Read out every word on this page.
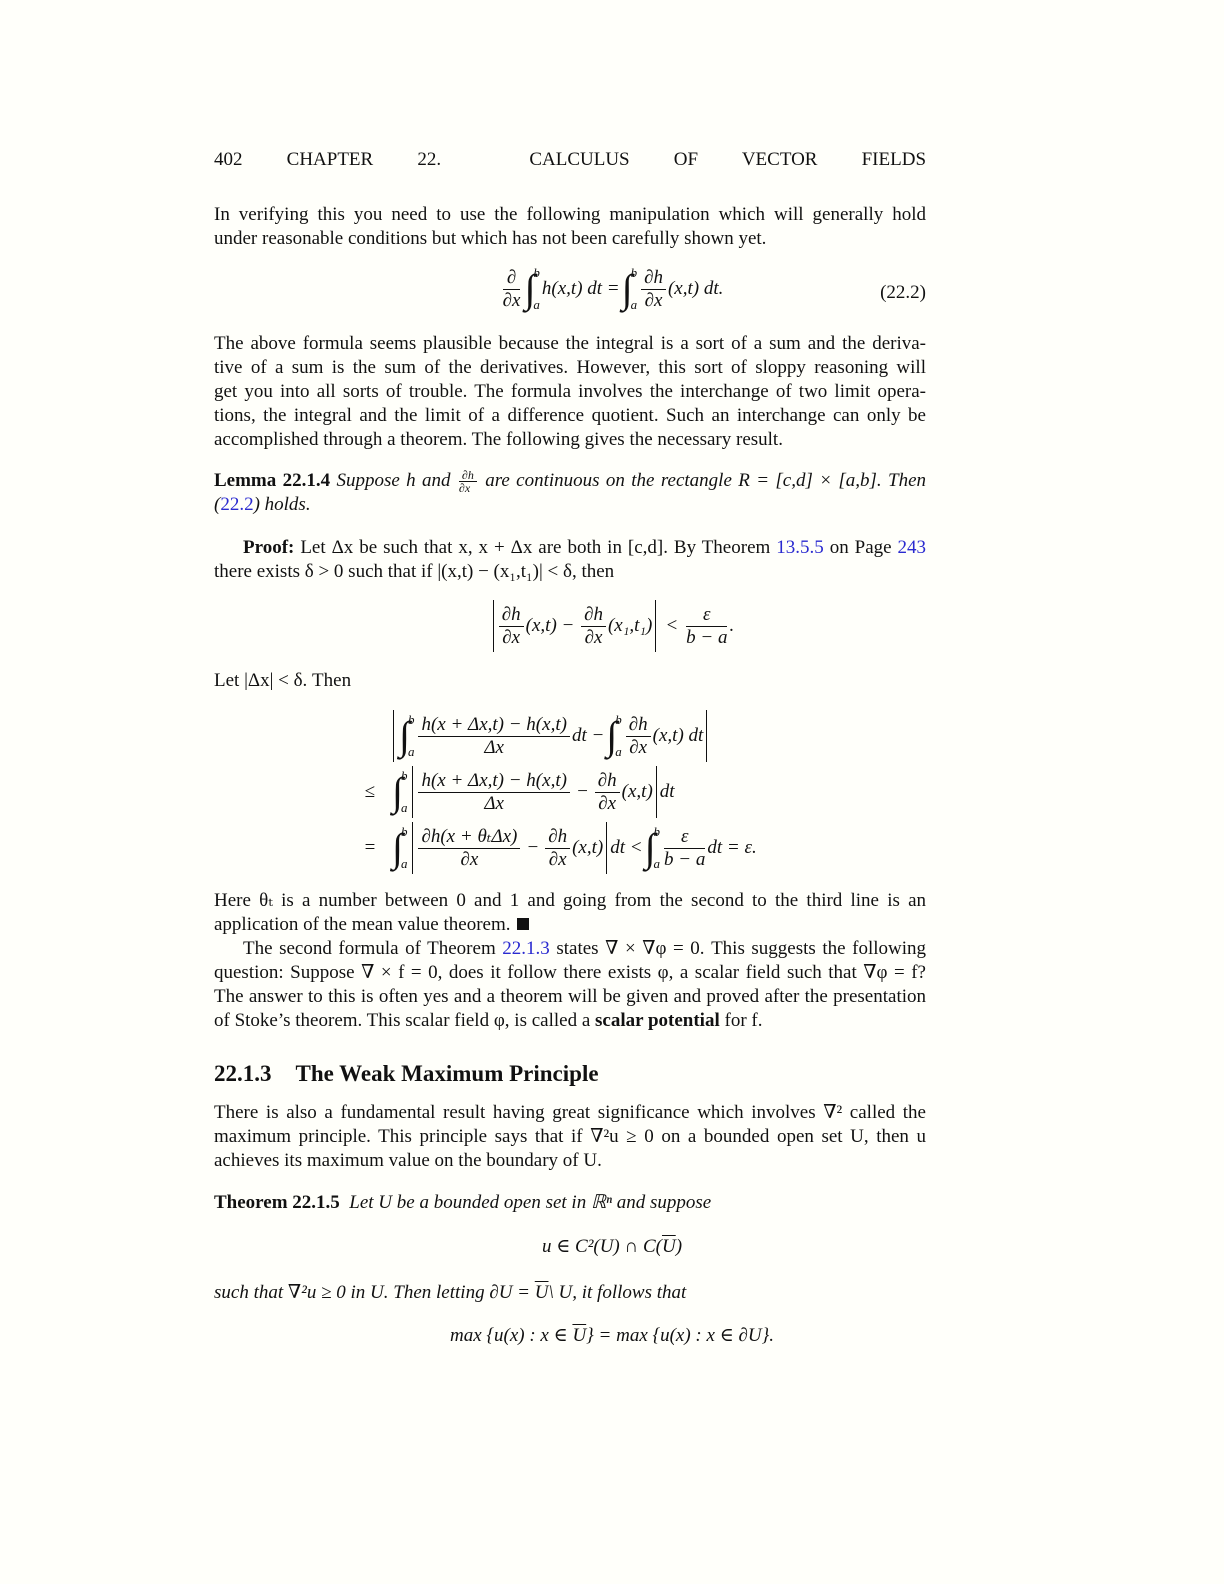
402 CHAPTER 22.  CALCULUS OF VECTOR FIELDS
In verifying this you need to use the following manipulation which will generally hold
under reasonable conditions but which has not been carefully shown yet.
$\frac{\partial}{\partial x}$ ∫
b
a
h(x,t) dt = ∫
b
a $\frac{\partial h}{\partial x} (x,t)$ dt.	(22.2)
The above formula seems plausible because the integral is a sort of a sum and the deriva-
tive of a sum is the sum of the derivatives. However, this sort of sloppy reasoning will
get you into all sorts of trouble. The formula involves the interchange of two limit opera-
tions, the integral and the limit of a difference quotient. Such an interchange can only be
accomplished through a theorem. The following gives the necessary result.
Lemma 22.1.4 Suppose h and $\frac{\partial h}{\partial x}$ are continuous on the rectangle R = [c,d] × [a,b]. Then
(22.2) holds.
Proof: Let Δx be such that x, x + Δx are both in [c,d]. By Theorem 13.5.5 on Page 243
there exists δ > 0 such that if |(x,t) − (x₁,t₁)| < δ, then
$\frac{\partial h}{\partial x} (x,t)$ −
$\frac{\partial h}{\partial x} (x_1,t_1) < \frac{\varepsilon}{b - a}$ .
Let |Δx| < δ. Then
∫
b
a $\frac{h(x + \Delta x,t) - h(x,t)}{\Delta x}$ dt − ∫
b
a $\frac{\partial h}{\partial x} (x,t)$
dt
≤ ∫
b
a $\frac{h(x + \Delta x,t) - h(x,t)}{\Delta x} - \frac{\partial h}{\partial x} (x,t)$ dt
= ∫
b
a $\frac{\text{∂h(x + θₜΔx)}}{\partial x} - \frac{\partial h}{\partial x} (x,t)$ dt < ∫
b
a $\frac{\varepsilon}{b - a}$ dt = ε.
Here θₜ is a number between 0 and 1 and going from the second to the third line is an
application of the mean value theorem.
The second formula of Theorem 22.1.3 states ∇ × ∇φ = 0. This suggests the following
question: Suppose ∇ × f = 0, does it follow there exists φ, a scalar field such that ∇φ = f?
The answer to this is often yes and a theorem will be given and proved after the presentation
of Stoke’s theorem. This scalar field φ, is called a scalar potential for f.
22.1.3 The Weak Maximum Principle
There is also a fundamental result having great significance which involves ∇² called the
maximum principle. This principle says that if ∇²u ≥ 0 on a bounded open set U, then u
achieves its maximum value on the boundary of U.
Theorem 22.1.5 Let U be a bounded open set in ℝⁿ and suppose
u ∈ C²(U) ∩ $C(\overline{U})$
such that ∇²u ≥ 0 in U. Then letting $\partial U = \overline{U}\backslash$ U, it follows that
max {u(x) : x ∈ $\overline{U}\} = \max \{u(x)$ : x ∈ ∂U}.
